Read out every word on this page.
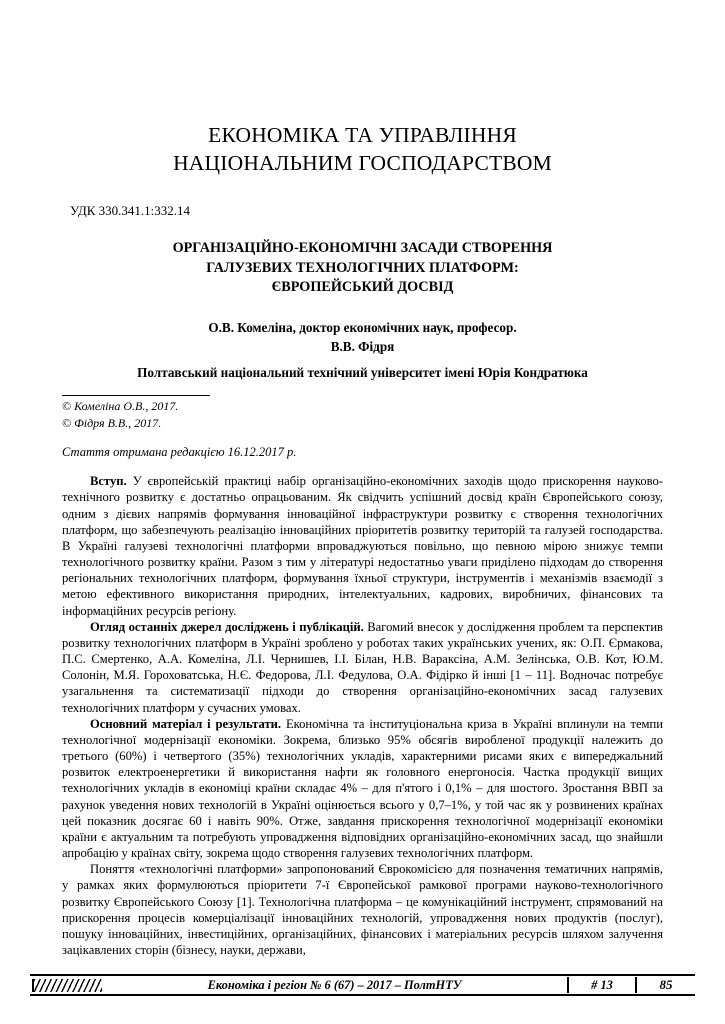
ЕКОНОМІКА ТА УПРАВЛІННЯ
НАЦІОНАЛЬНИМ ГОСПОДАРСТВОМ
УДК 330.341.1:332.14
ОРГАНІЗАЦІЙНО-ЕКОНОМІЧНІ ЗАСАДИ СТВОРЕННЯ
ГАЛУЗЕВИХ ТЕХНОЛОГІЧНИХ ПЛАТФОРМ:
ЄВРОПЕЙСЬКИЙ ДОСВІД
О.В. Комеліна, доктор економічних наук, професор.
В.В. Фідря
Полтавський національний технічний університет імені Юрія Кондратюка
© Комеліна О.В., 2017.
© Фідря В.В., 2017.
Стаття отримана редакцією 16.12.2017 р.

Вступ. У європейській практиці набір організаційно-економічних заходів щодо прискорення науково-технічного розвитку є достатньо опрацьованим. Як свідчить успішний досвід країн Європейського союзу, одним з дієвих напрямів формування інноваційної інфраструктури розвитку є створення технологічних платформ, що забезпечують реалізацію інноваційних пріоритетів розвитку територій та галузей господарства. В Україні галузеві технологічні платформи впроваджуються повільно, що певною мірою знижує темпи технологічного розвитку країни. Разом з тим у літературі недостатньо уваги приділено підходам до створення регіональних технологічних платформ, формування їхньої структури, інструментів і механізмів взаємодії з метою ефективного використання природних, інтелектуальних, кадрових, виробничих, фінансових та інформаційних ресурсів регіону.

Огляд останніх джерел досліджень і публікацій. Вагомий внесок у дослідження проблем та перспектив розвитку технологічних платформ в Україні зроблено у роботах таких українських учених, як: О.П. Єрмакова, П.С. Смертенко, А.А. Комеліна, Л.І. Чернишев, І.І. Білан, Н.В. Вараксіна, А.М. Зелінська, О.В. Кот, Ю.М. Солонін, М.Я. Гороховатська, Н.Є. Федорова, Л.І. Федулова, О.А. Фідірко й інші [1 – 11]. Водночас потребує узагальнення та систематизації підходи до створення організаційно-економічних засад галузевих технологічних платформ у сучасних умовах.

Основний матеріал і результати. Економічна та інституціональна криза в Україні вплинули на темпи технологічної модернізації економіки. Зокрема, близько 95% обсягів виробленої продукції належить до третього (60%) і четвертого (35%) технологічних укладів, характерними рисами яких є випереджальний розвиток електроенергетики й використання нафти як головного енергоносія. Частка продукції вищих технологічних укладів в економіці країни складає 4% – для п'ятого і 0,1% – для шостого. Зростання ВВП за рахунок уведення нових технологій в Україні оцінюється всього у 0,7–1%, у той час як у розвинених країнах цей показник досягає 60 і навіть 90%. Отже, завдання прискорення технологічної модернізації економіки країни є актуальним та потребують упровадження відповідних організаційно-економічних засад, що знайшли апробацію у країнах світу, зокрема щодо створення галузевих технологічних платформ.

Поняття «технологічні платформи» запропонований Єврокомісією для позначення тематичних напрямів, у рамках яких формулюються пріоритети 7-ї Європейської рамкової програми науково-технологічного розвитку Європейського Союзу [1]. Технологічна платформа – це комунікаційний інструмент, спрямований на прискорення процесів комерціалізації інноваційних технологій, упровадження нових продуктів (послуг), пошуку інноваційних, інвестиційних, організаційних, фінансових і матеріальних ресурсів шляхом залучення зацікавлених сторін (бізнесу, науки, держави,

Економіка і регіон № 6 (67) – 2017 – ПолтНТУ	# 13	85
